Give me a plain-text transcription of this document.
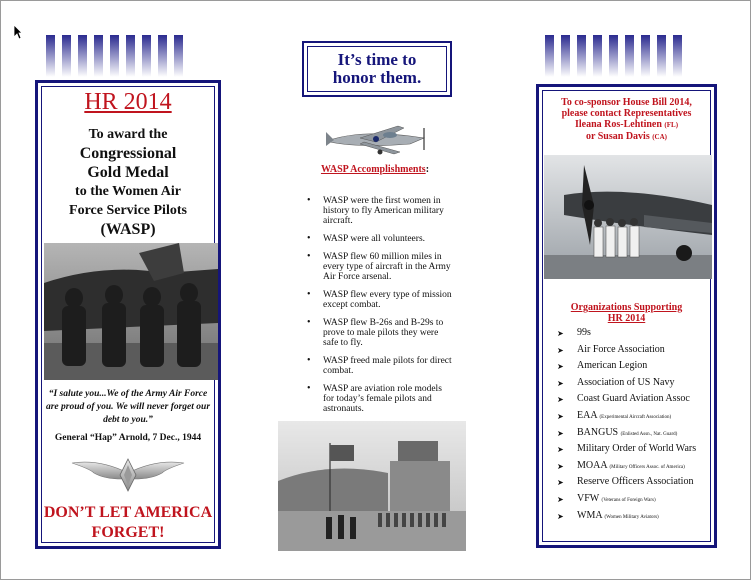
HR 2014
To award the
Congressional
Gold Medal
to the Women Air
Force Service Pilots
(WASP)
“I salute you...We of the Army Air Force are proud of you. We will never forget our debt to you.”
General “Hap” Arnold, 7 Dec., 1944
DON’T LET AMERICA
FORGET!
It’s time to
honor them.
WASP Accomplishments:
• WASP were the first women in history to fly American military aircraft.
• WASP were all volunteers.
• WASP flew 60 million miles in every type of aircraft in the Army Air Force arsenal.
• WASP flew every type of mission except combat.
• WASP flew B-26s and B-29s to prove to male pilots they were safe to fly.
• WASP freed male pilots for direct combat.
• WASP are aviation role models for today’s female pilots and astronauts.
•
To co-sponsor House Bill 2014,
please contact Representatives
Ileana Ros-Lehtinen (FL)
or Susan Davis (CA)
Organizations Supporting
HR 2014
➤ 99s
➤ Air Force Association
➤ American Legion
➤ Association of US Navy
➤ Coast Guard Aviation Assoc
➤ EAA (Experimental Aircraft Association)
➤ BANGUS (Enlisted Assn., Nat. Guard)
➤ Military Order of World Wars
➤ MOAA (Military Officers Assoc. of America)
➤ Reserve Officers Association
➤ VFW (Veterans of Foreign Wars)
➤ WMA (Women Military Aviators)
